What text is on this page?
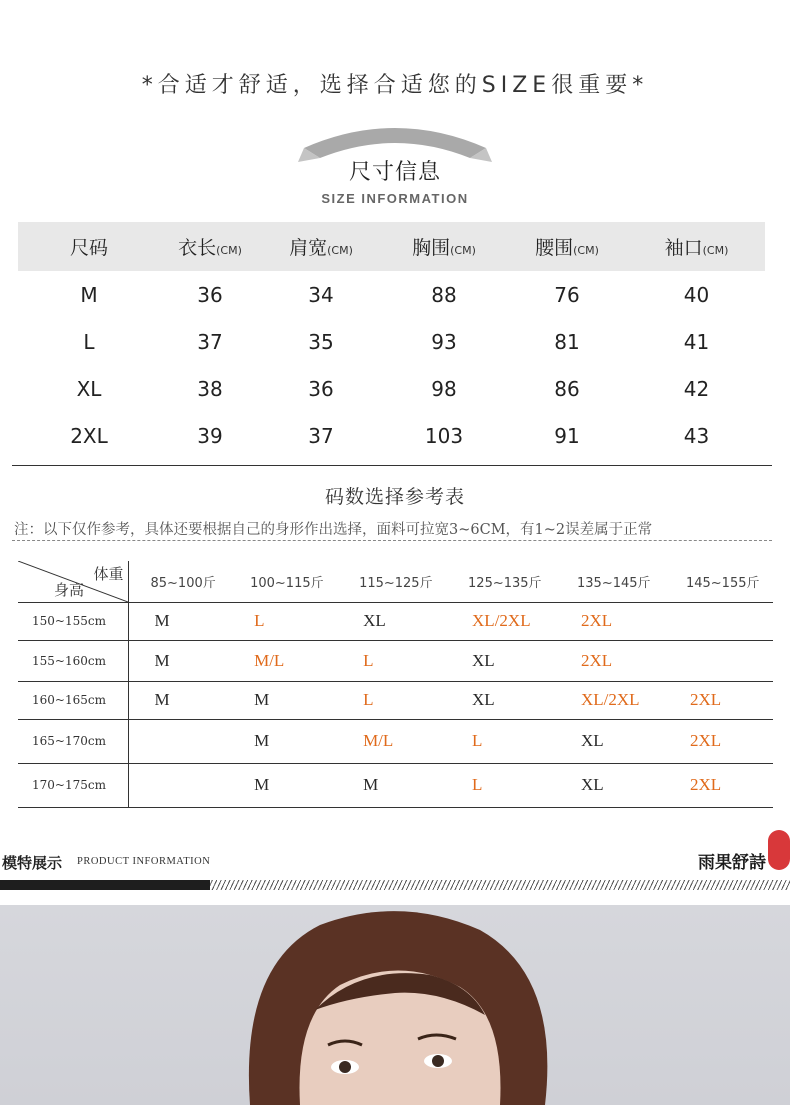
*合适才舒适，选择合适您的SIZE很重要*
尺寸信息
SIZE INFORMATION
尺码	衣长(CM)	肩宽(CM)	胸围(CM)	腰围(CM)	袖口(CM)
M	36	34	88	76	40
L	37	35	93	81	41
XL	38	36	98	86	42
2XL	39	37	103	91	43
码数选择参考表
注：以下仅作参考，具体还要根据自己的身形作出选择，面料可拉宽3~6CM，有1~2误差属于正常
体重
身高	85~100斤	100~115斤	115~125斤	125~135斤	135~145斤	145~155斤
150~155cm	M	L	XL	XL/2XL	2XL	
155~160cm	M	M/L	L	XL	2XL	
160~165cm	M	M	L	XL	XL/2XL	2XL
165~170cm		M	M/L	L	XL	2XL
170~175cm		M	M	L	XL	2XL
模特展示 PRODUCT INFORMATION	雨果舒詩
